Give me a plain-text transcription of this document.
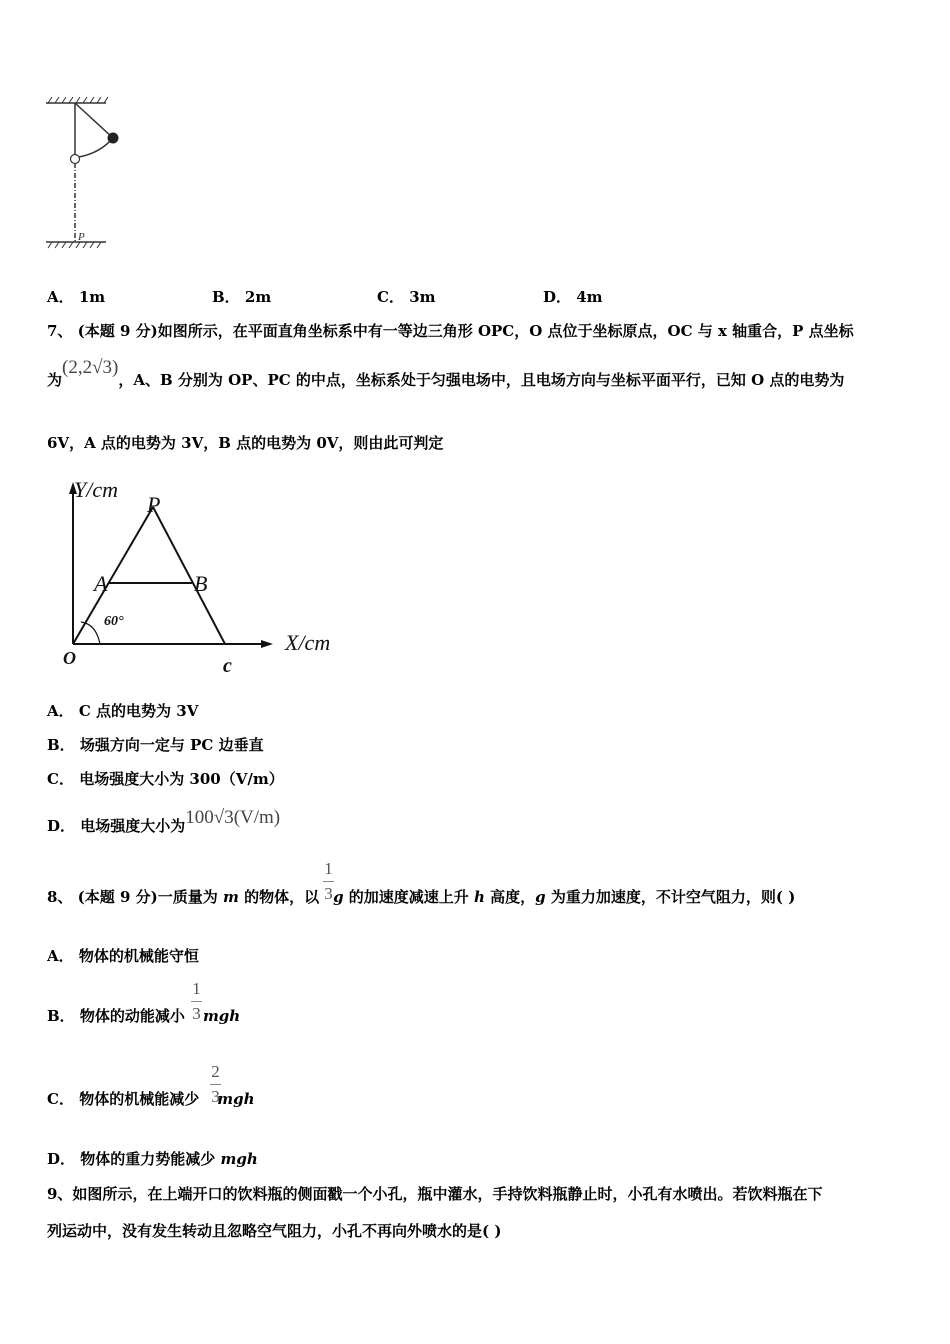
P
A． 1m	B． 2m	C． 3m	D． 4m
7、 (本题 9 分)如图所示，在平面直角坐标系中有一等边三角形 OPC，O 点位于坐标原点，OC 与 x 轴重合，P 点坐标
为(2,2√3)，A、B 分别为 OP、PC 的中点，坐标系处于匀强电场中，且电场方向与坐标平面平行，已知 O 点的电势为
6V，A 点的电势为 3V，B 点的电势为 0V，则由此可判定
Y/cm
X/cm
P
A	B
O	c
60°
A． C 点的电势为 3V
B． 场强方向一定与 PC 边垂直
C． 电场强度大小为 300（V/m）
D． 电场强度大小为100√3(V/m)
8、 (本题 9 分)一质量为 m 的物体，以 g 的加速度减速上升 h 高度，g 为重力加速度，不计空气阻力，则( )
1
3
A． 物体的机械能守恒
B． 物体的动能减小 mgh
1
3
C． 物体的机械能减少 mgh
2
3
D． 物体的重力势能减少 mgh
9、如图所示，在上端开口的饮料瓶的侧面戳一个小孔，瓶中灌水，手持饮料瓶静止时，小孔有水喷出。若饮料瓶在下
列运动中，没有发生转动且忽略空气阻力，小孔不再向外喷水的是( )
